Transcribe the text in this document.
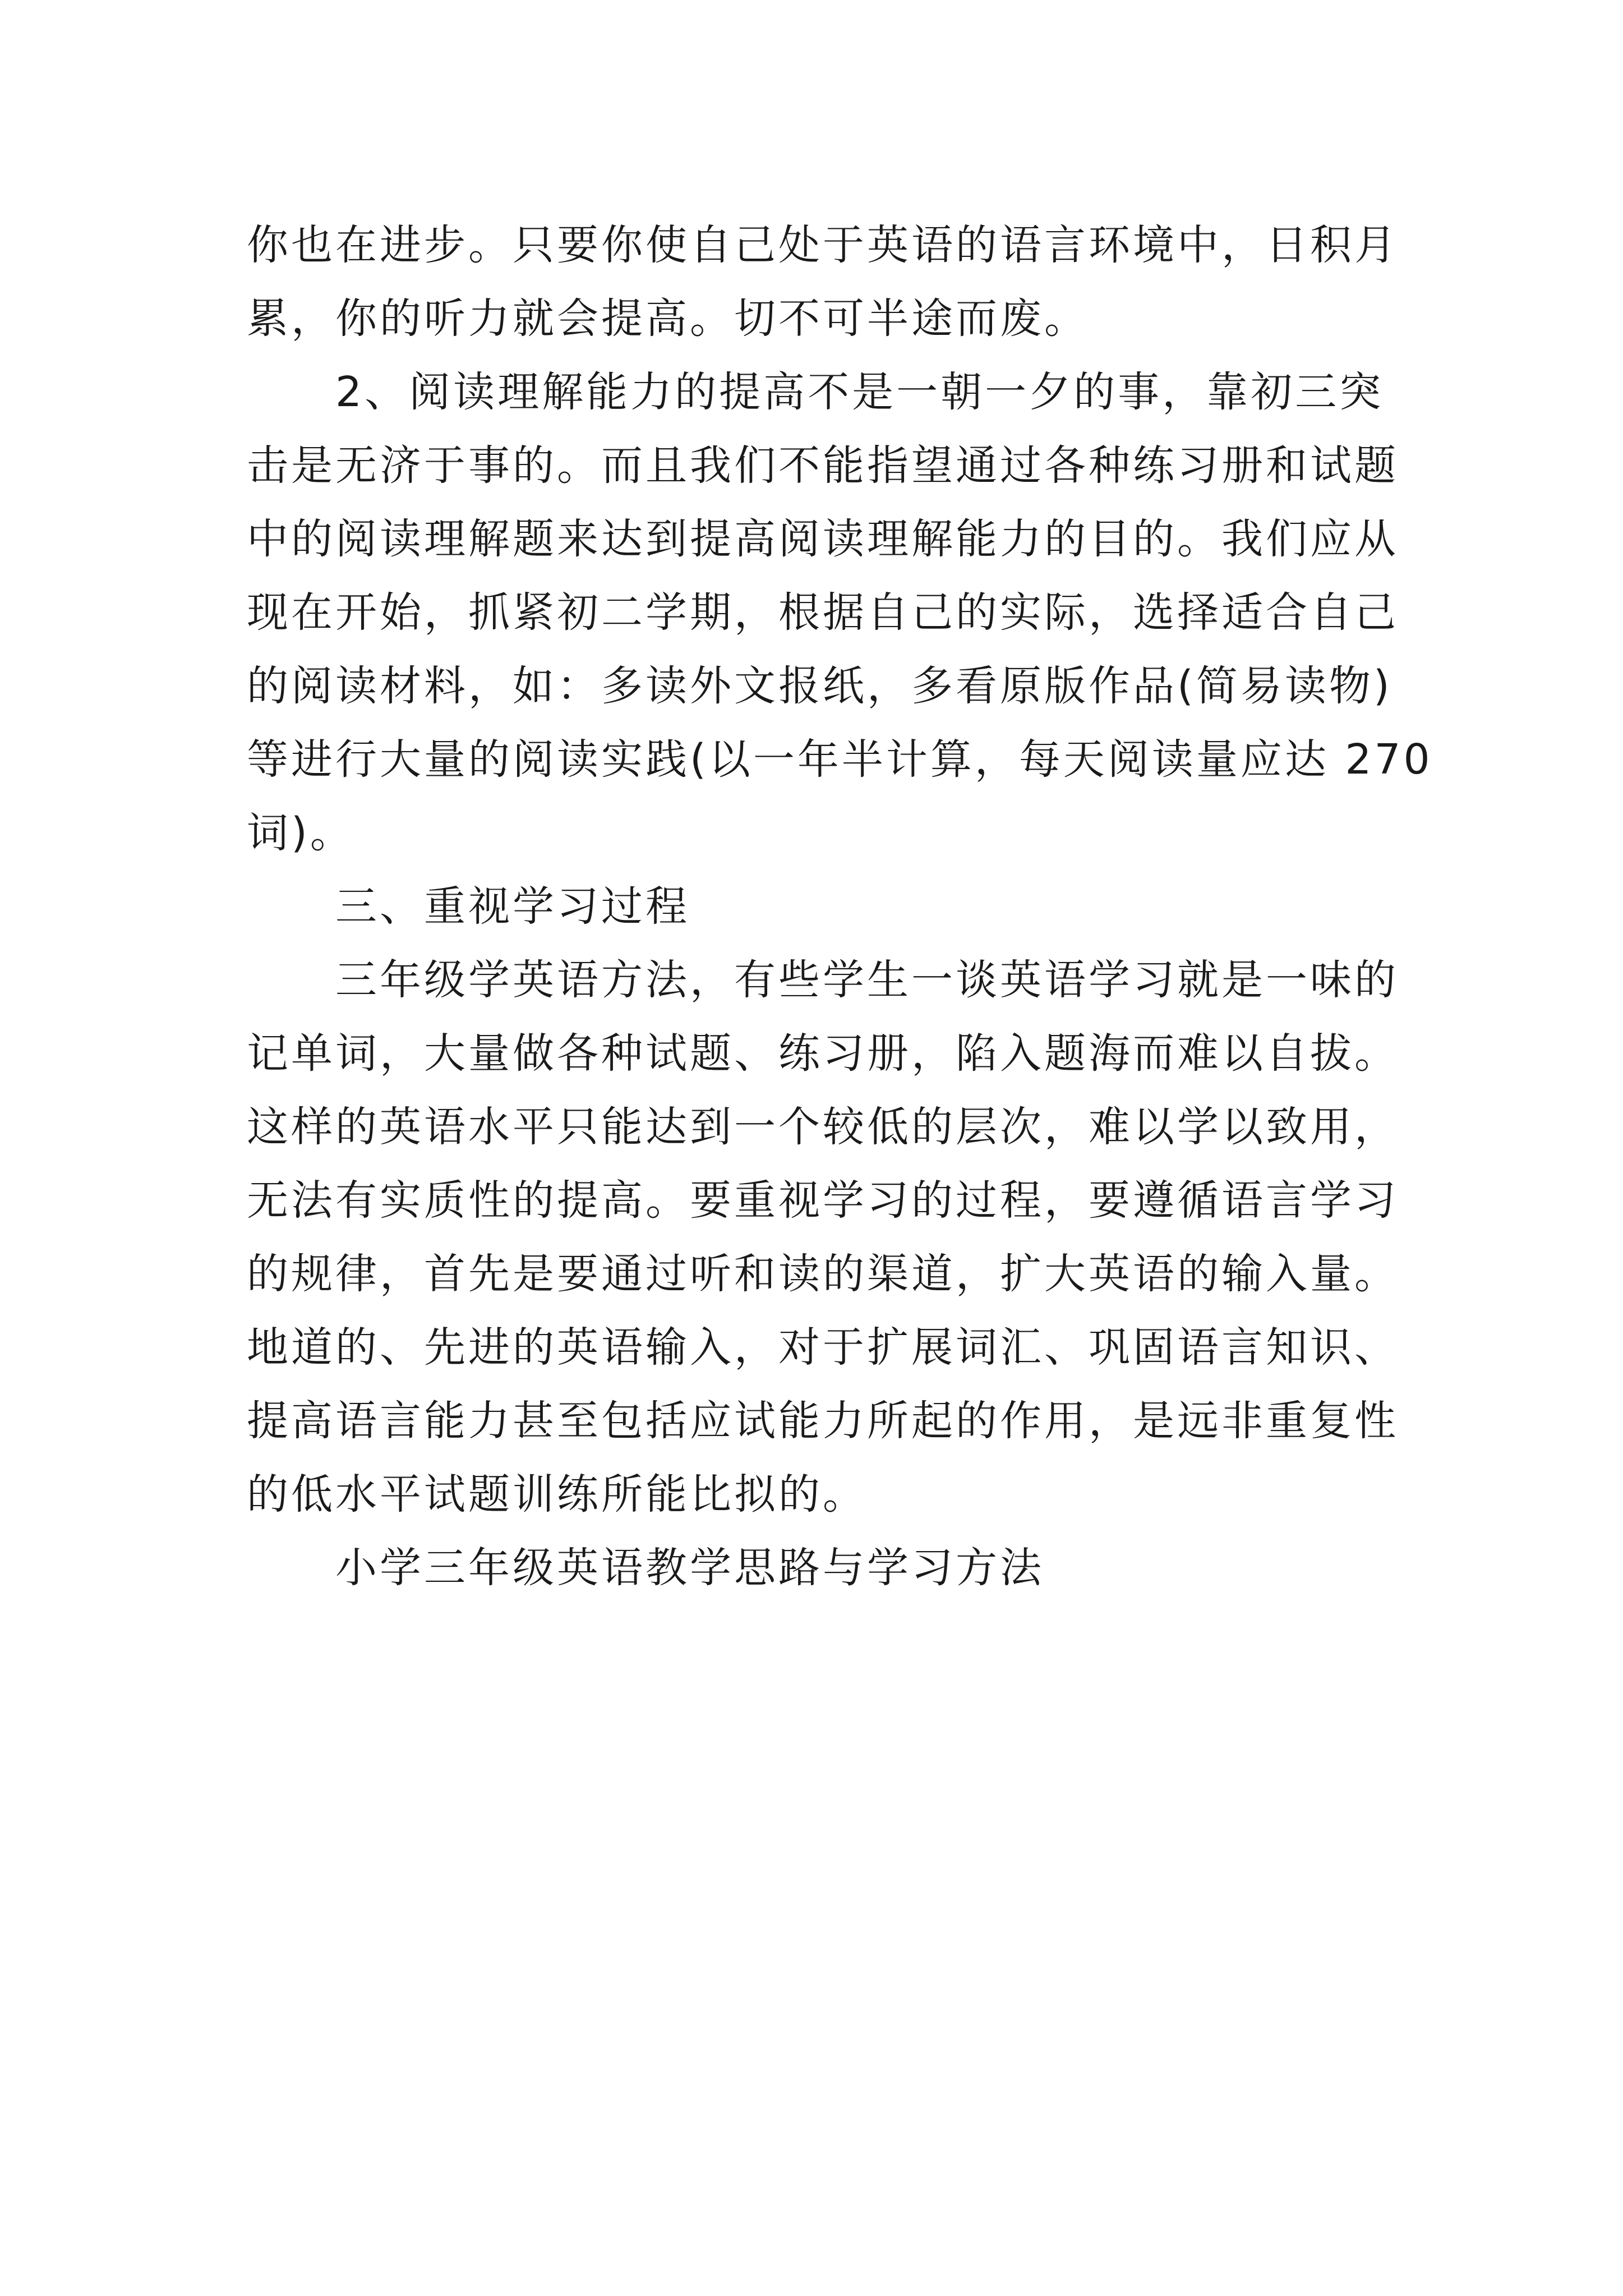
你也在进步。只要你使自己处于英语的语言环境中，日积月
累，你的听力就会提高。切不可半途而废。
2、阅读理解能力的提高不是一朝一夕的事，靠初三突
击是无济于事的。而且我们不能指望通过各种练习册和试题
中的阅读理解题来达到提高阅读理解能力的目的。我们应从
现在开始，抓紧初二学期，根据自己的实际，选择适合自己
的阅读材料，如：多读外文报纸，多看原版作品(简易读物)
等进行大量的阅读实践(以一年半计算，每天阅读量应达 270
词)。
三、重视学习过程
三年级学英语方法，有些学生一谈英语学习就是一味的
记单词，大量做各种试题、练习册，陷入题海而难以自拔。
这样的英语水平只能达到一个较低的层次，难以学以致用，
无法有实质性的提高。要重视学习的过程，要遵循语言学习
的规律，首先是要通过听和读的渠道，扩大英语的输入量。
地道的、先进的英语输入，对于扩展词汇、巩固语言知识、
提高语言能力甚至包括应试能力所起的作用，是远非重复性
的低水平试题训练所能比拟的。
小学三年级英语教学思路与学习方法
